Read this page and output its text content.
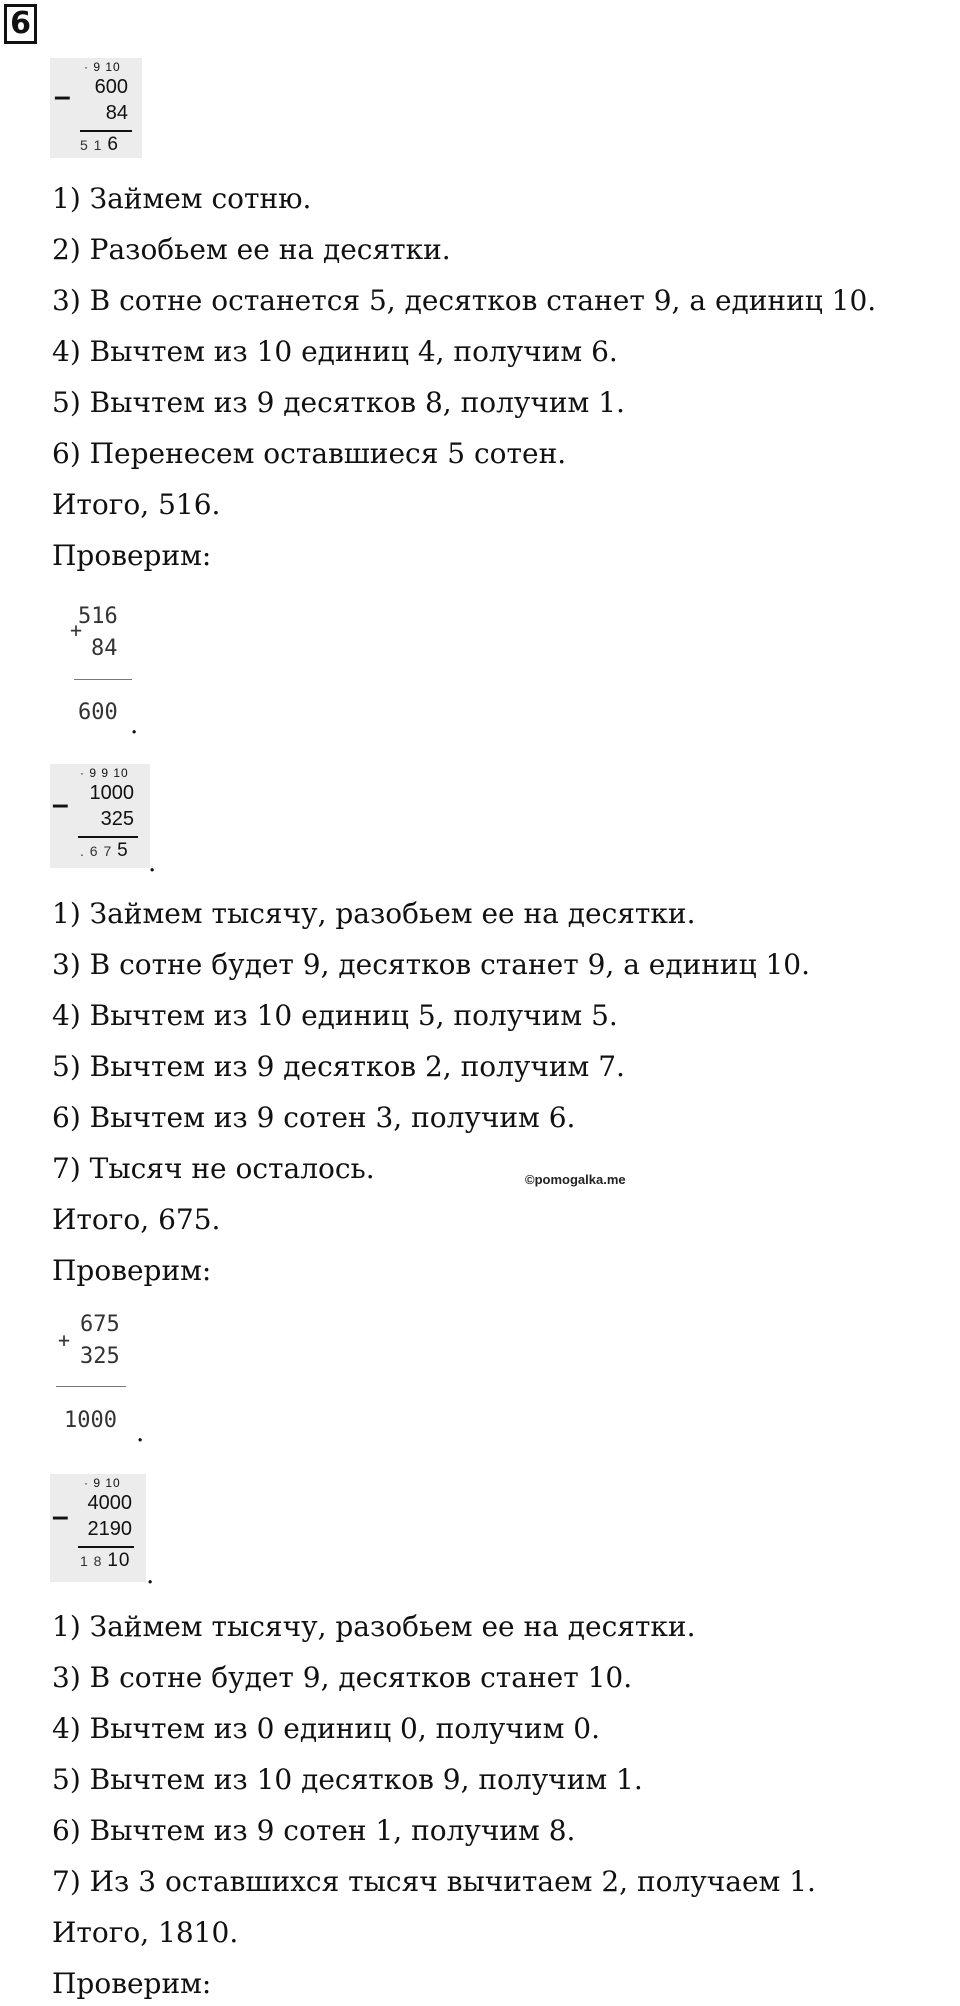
6
–
· 9 10
600
84
5 1 6
1) Займем сотню.
2) Разобьем ее на десятки.
3) В сотне останется 5, десятков станет 9, а единиц 10.
4) Вычтем из 10 единиц 4, получим 6.
5) Вычтем из 9 десятков 8, получим 1.
6) Перенесем оставшиеся 5 сотен.
Итого, 516.
Проверим:
516
+
84
600 .
–
· 9 9 10
1000
325
. 6 7 5 .
1) Займем тысячу, разобьем ее на десятки.
3) В сотне будет 9, десятков станет 9, а единиц 10.
4) Вычтем из 10 единиц 5, получим 5.
5) Вычтем из 9 десятков 2, получим 7.
6) Вычтем из 9 сотен 3, получим 6.
7) Тысяч не осталось.	©pomogalka.me
Итого, 675.
Проверим:
675
+
325
1000 .
–
· 9 10
4000
2190
1 8 10 .
1) Займем тысячу, разобьем ее на десятки.
3) В сотне будет 9, десятков станет 10.
4) Вычтем из 0 единиц 0, получим 0.
5) Вычтем из 10 десятков 9, получим 1.
6) Вычтем из 9 сотен 1, получим 8.
7) Из 3 оставшихся тысяч вычитаем 2, получаем 1.
Итого, 1810.
Проверим:
